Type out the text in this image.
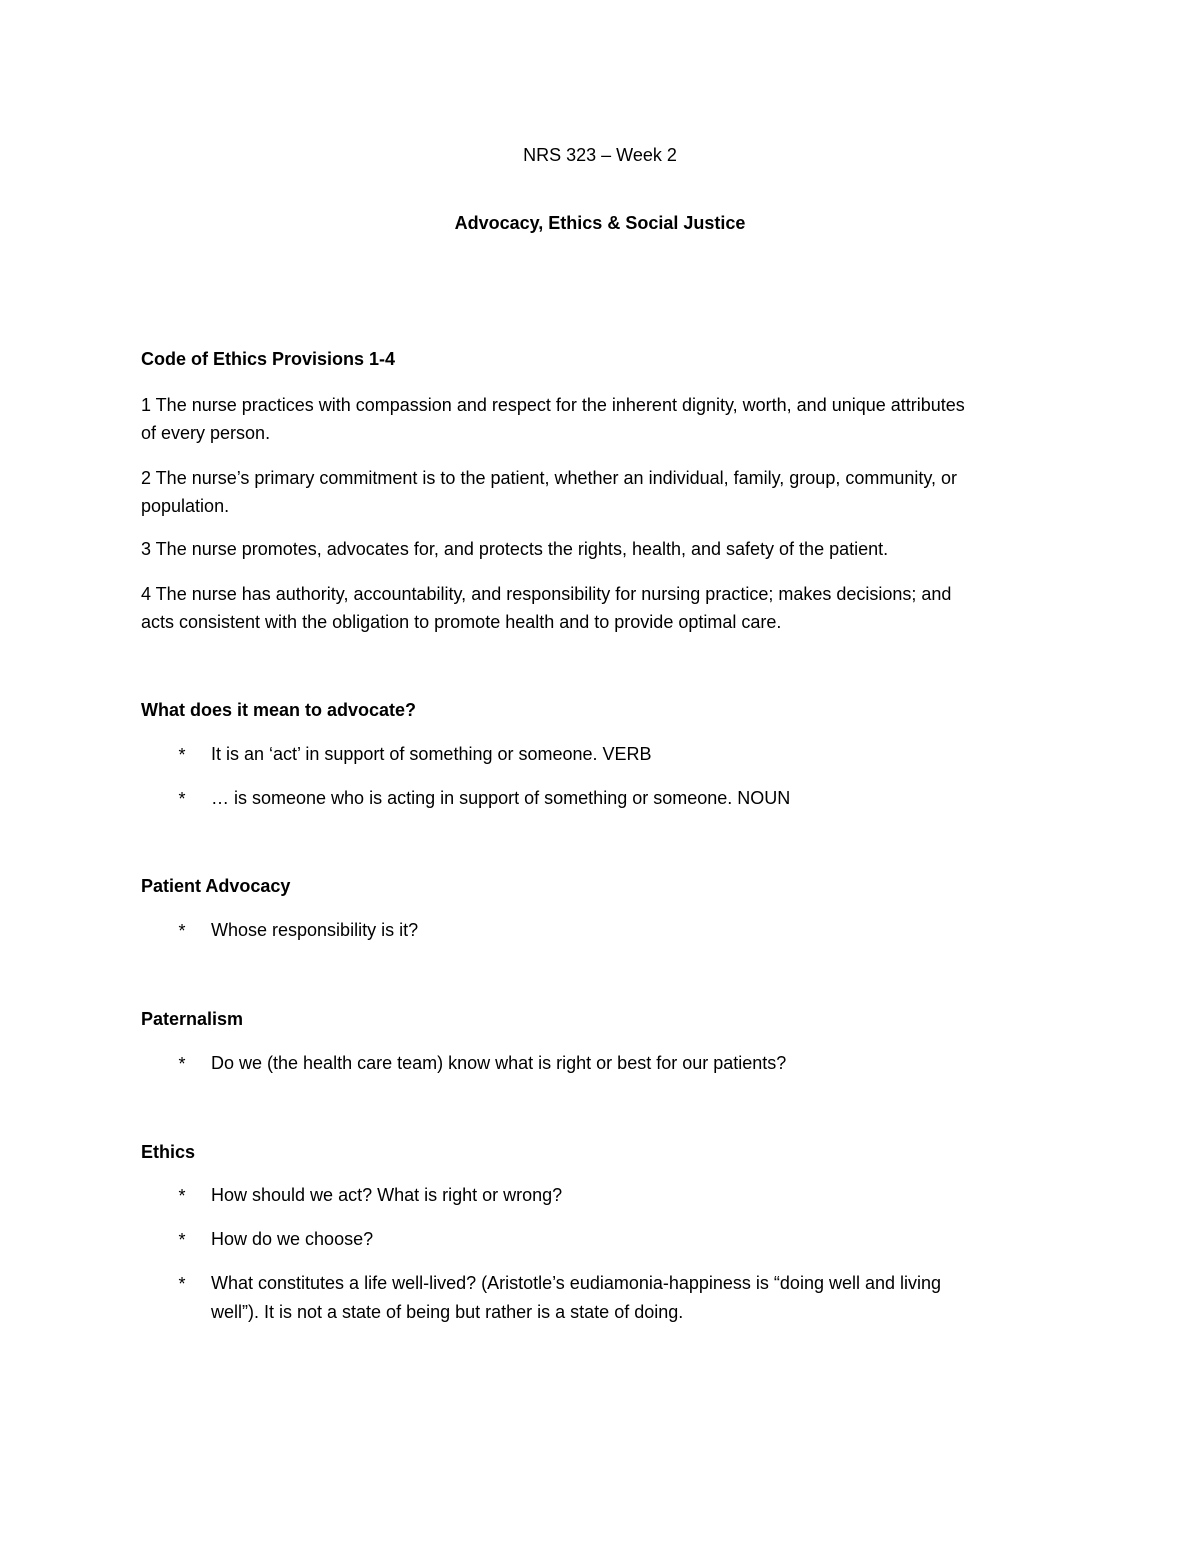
NRS 323 – Week 2
Advocacy, Ethics & Social Justice
Code of Ethics Provisions 1-4
1 The nurse practices with compassion and respect for the inherent dignity, worth, and unique attributes
of every person.
2 The nurse’s primary commitment is to the patient, whether an individual, family, group, community, or
population.
3 The nurse promotes, advocates for, and protects the rights, health, and safety of the patient.
4 The nurse has authority, accountability, and responsibility for nursing practice; makes decisions; and
acts consistent with the obligation to promote health and to provide optimal care.
What does it mean to advocate?
* It is an ‘act’ in support of something or someone. VERB
* … is someone who is acting in support of something or someone. NOUN
Patient Advocacy
* Whose responsibility is it?
Paternalism
* Do we (the health care team) know what is right or best for our patients?
Ethics
* How should we act? What is right or wrong?
* How do we choose?
* What constitutes a life well-lived? (Aristotle’s eudiamonia-happiness is “doing well and living
well”). It is not a state of being but rather is a state of doing.
